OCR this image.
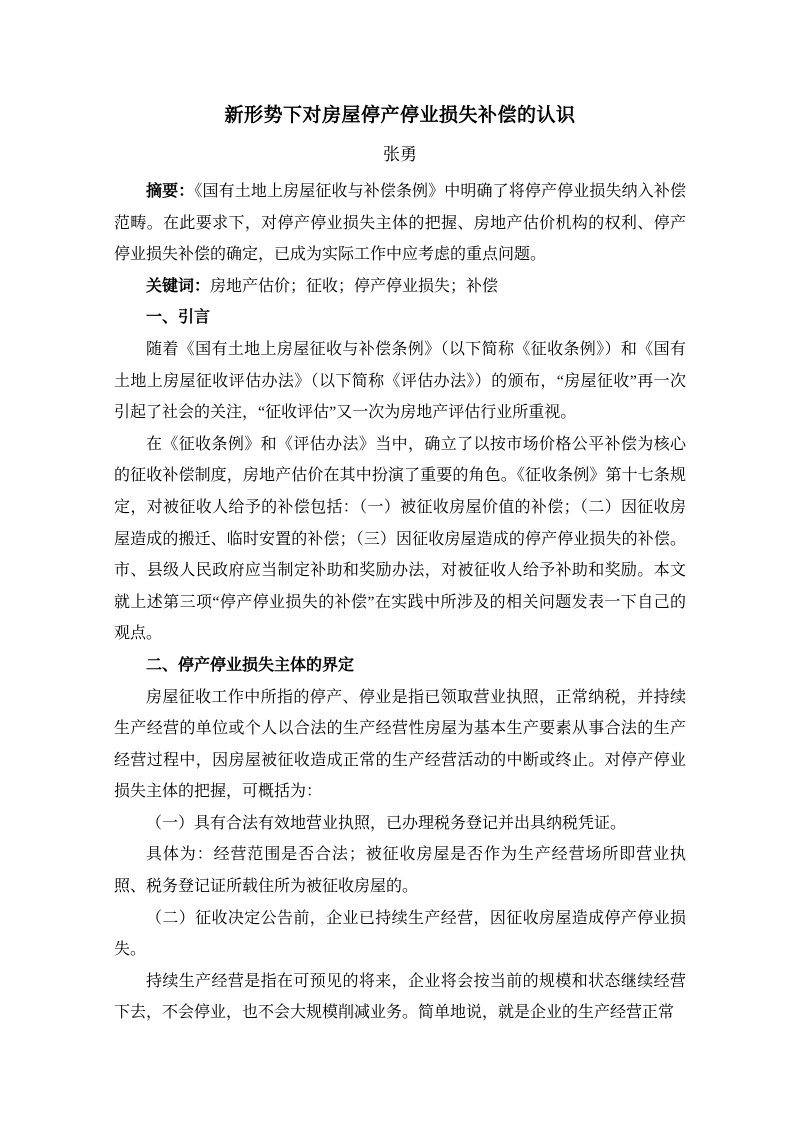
新形势下对房屋停产停业损失补偿的认识
张勇

摘要：《国有土地上房屋征收与补偿条例》中明确了将停产停业损失纳入补偿范畴。在此要求下，对停产停业损失主体的把握、房地产估价机构的权利、停产停业损失补偿的确定，已成为实际工作中应考虑的重点问题。

关键词：房地产估价；征收；停产停业损失；补偿

一、引言

随着《国有土地上房屋征收与补偿条例》（以下简称《征收条例》）和《国有土地上房屋征收评估办法》（以下简称《评估办法》）的颁布，“房屋征收”再一次引起了社会的关注，“征收评估”又一次为房地产评估行业所重视。

在《征收条例》和《评估办法》当中，确立了以按市场价格公平补偿为核心的征收补偿制度，房地产估价在其中扮演了重要的角色。《征收条例》第十七条规定，对被征收人给予的补偿包括：（一）被征收房屋价值的补偿；（二）因征收房屋造成的搬迁、临时安置的补偿；（三）因征收房屋造成的停产停业损失的补偿。市、县级人民政府应当制定补助和奖励办法，对被征收人给予补助和奖励。本文就上述第三项“停产停业损失的补偿”在实践中所涉及的相关问题发表一下自己的观点。

二、停产停业损失主体的界定

房屋征收工作中所指的停产、停业是指已领取营业执照，正常纳税，并持续生产经营的单位或个人以合法的生产经营性房屋为基本生产要素从事合法的生产经营过程中，因房屋被征收造成正常的生产经营活动的中断或终止。对停产停业损失主体的把握，可概括为：

（一）具有合法有效地营业执照，已办理税务登记并出具纳税凭证。

具体为：经营范围是否合法；被征收房屋是否作为生产经营场所即营业执照、税务登记证所载住所为被征收房屋的。

（二）征收决定公告前，企业已持续生产经营，因征收房屋造成停产停业损失。

持续生产经营是指在可预见的将来，企业将会按当前的规模和状态继续经营下去，不会停业，也不会大规模削减业务。简单地说，就是企业的生产经营正常
